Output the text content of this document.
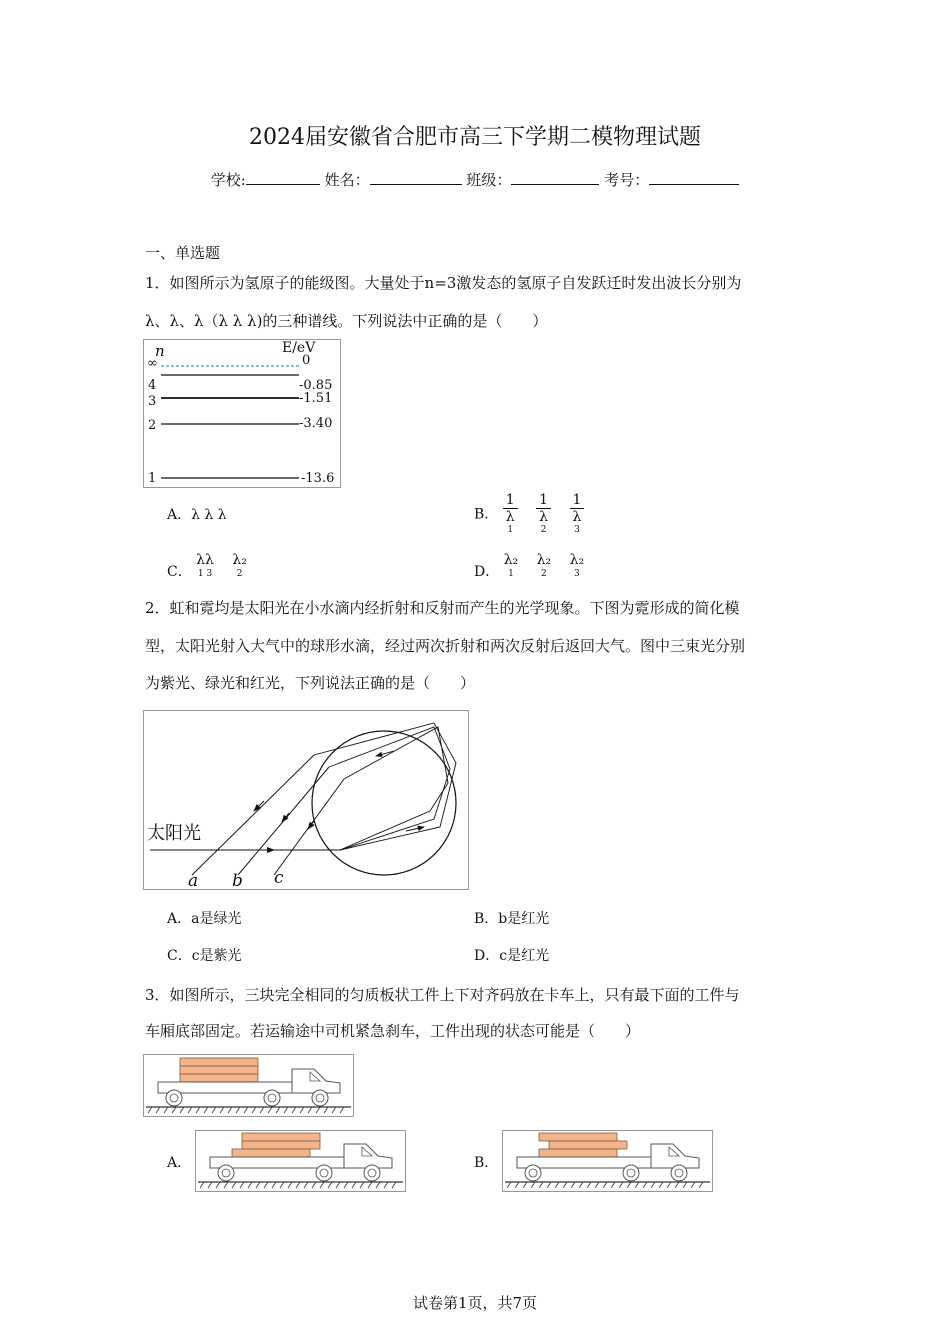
2024届安徽省合肥市高三下学期二模物理试题
学校:	姓名：	班级：	考号：
一、单选题
1．如图所示为氢原子的能级图。大量处于n=3激发态的氢原子自发跃迁时发出波长分别为
λ、λ、λ（λ λ λ)的三种谱线。下列说法中正确的是（　　）
n	E/eV
∞	0
4	-0.85
3	-1.51
2	-3.40
1	-13.6
A．λ λ λ	B．
1
λ
1

1
λ
2

1
λ
3
C． λλ
1 3
λ₂
2	D． λ₂
1
λ₂
2
λ₂
3
2．虹和霓均是太阳光在小水滴内经折射和反射而产生的光学现象。下图为霓形成的简化模
型，太阳光射入大气中的球形水滴，经过两次折射和两次反射后返回大气。图中三束光分别
为紫光、绿光和红光，下列说法正确的是（　　）
太阳光
a b c
A．a是绿光	B．b是红光
C．c是紫光	D．c是红光
3．如图所示，三块完全相同的匀质板状工件上下对齐码放在卡车上，只有最下面的工件与
车厢底部固定。若运输途中司机紧急刹车，工件出现的状态可能是（　　）
A．	B．
试卷第1页，共7页
